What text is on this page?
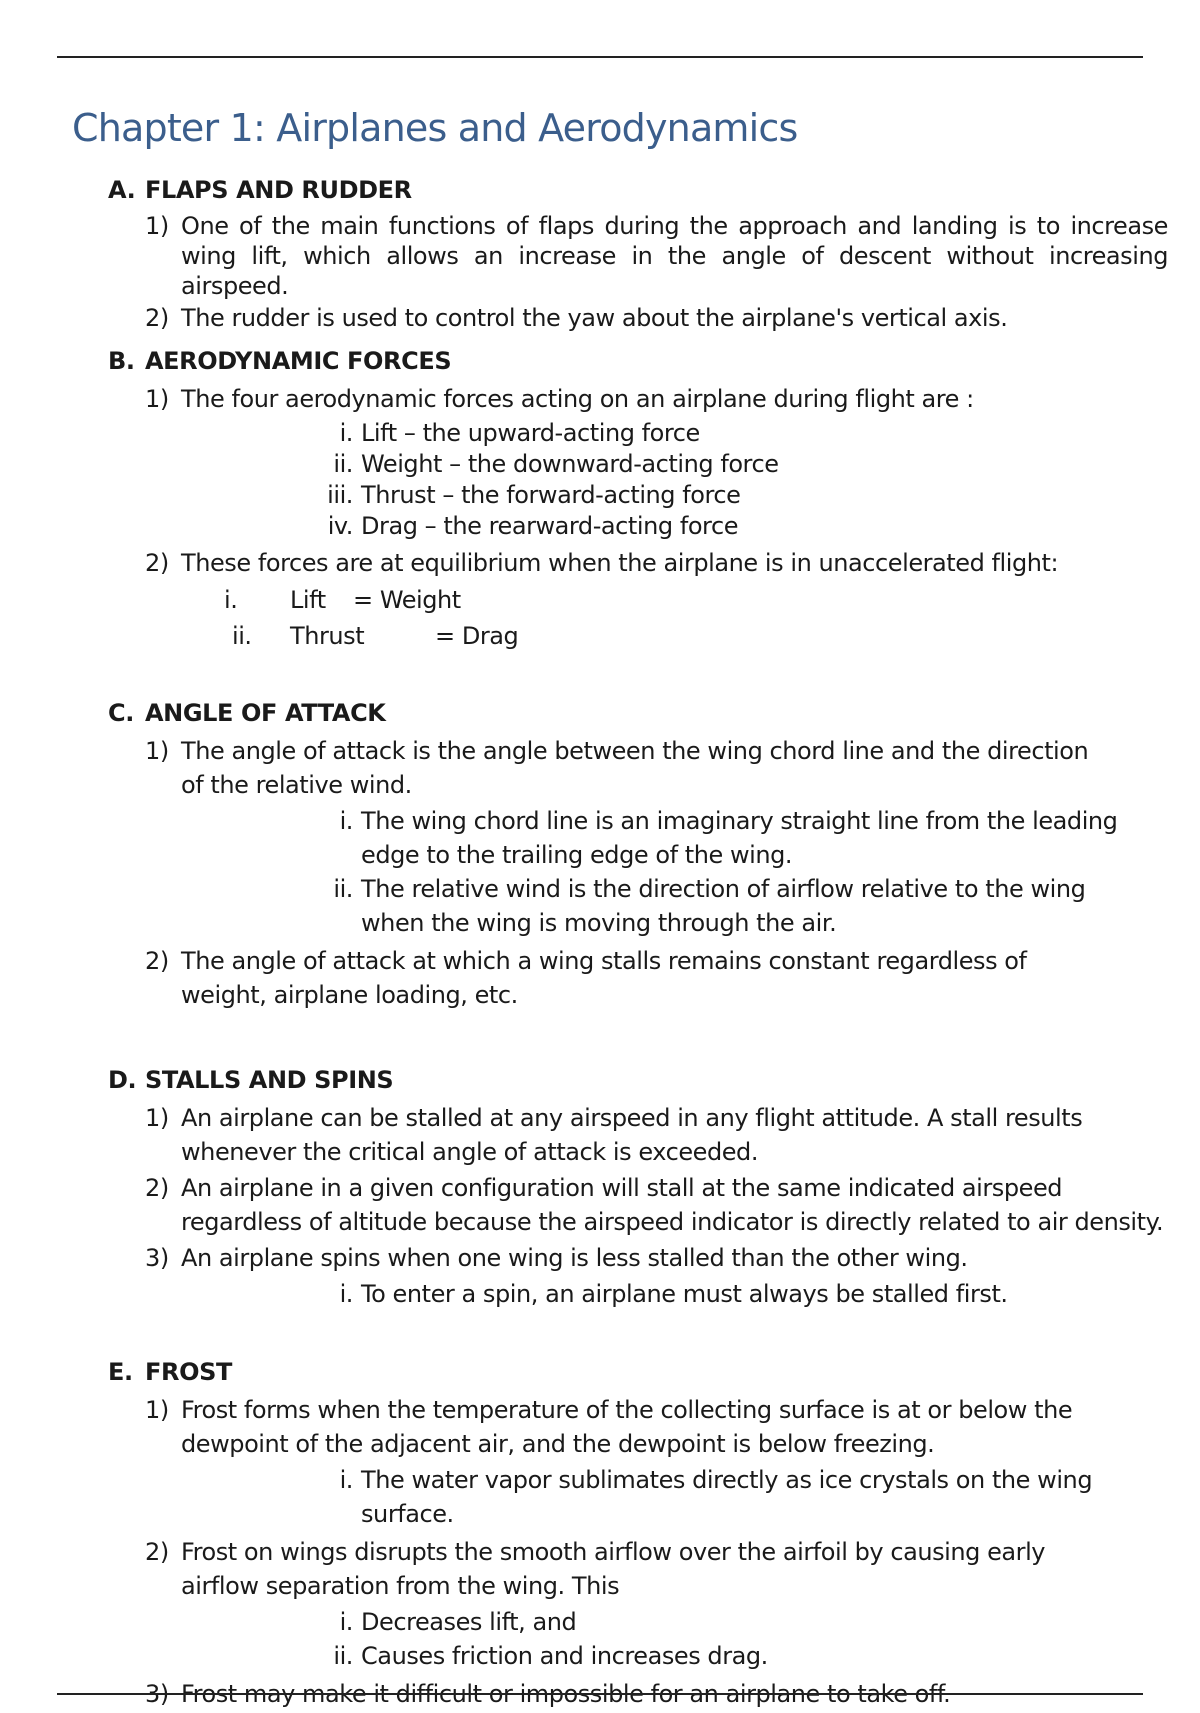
Chapter 1: Airplanes and Aerodynamics
A. FLAPS AND RUDDER
1) One of the main functions of flaps during the approach and landing is to increase wing lift, which allows an increase in the angle of descent without increasing airspeed.
2) The rudder is used to control the yaw about the airplane's vertical axis.
B. AERODYNAMIC FORCES
1) The four aerodynamic forces acting on an airplane during flight are :
i. Lift – the upward-acting force
ii. Weight – the downward-acting force
iii. Thrust – the forward-acting force
iv. Drag – the rearward-acting force
2) These forces are at equilibrium when the airplane is in unaccelerated flight:
i. Lift = Weight
ii. Thrust	= Drag
C. ANGLE OF ATTACK
1) The angle of attack is the angle between the wing chord line and the direction of the relative wind.
i. The wing chord line is an imaginary straight line from the leading edge to the trailing edge of the wing.
ii. The relative wind is the direction of airflow relative to the wing when the wing is moving through the air.
2) The angle of attack at which a wing stalls remains constant regardless of weight, airplane loading, etc.
D. STALLS AND SPINS
1) An airplane can be stalled at any airspeed in any flight attitude. A stall results whenever the critical angle of attack is exceeded.
2) An airplane in a given configuration will stall at the same indicated airspeed regardless of altitude because the airspeed indicator is directly related to air density.
3) An airplane spins when one wing is less stalled than the other wing.
i. To enter a spin, an airplane must always be stalled first.
E. FROST
1) Frost forms when the temperature of the collecting surface is at or below the dewpoint of the adjacent air, and the dewpoint is below freezing.
i. The water vapor sublimates directly as ice crystals on the wing surface.
2) Frost on wings disrupts the smooth airflow over the airfoil by causing early airflow separation from the wing. This
i. Decreases lift, and
ii. Causes friction and increases drag.
3) Frost may make it difficult or impossible for an airplane to take off.
